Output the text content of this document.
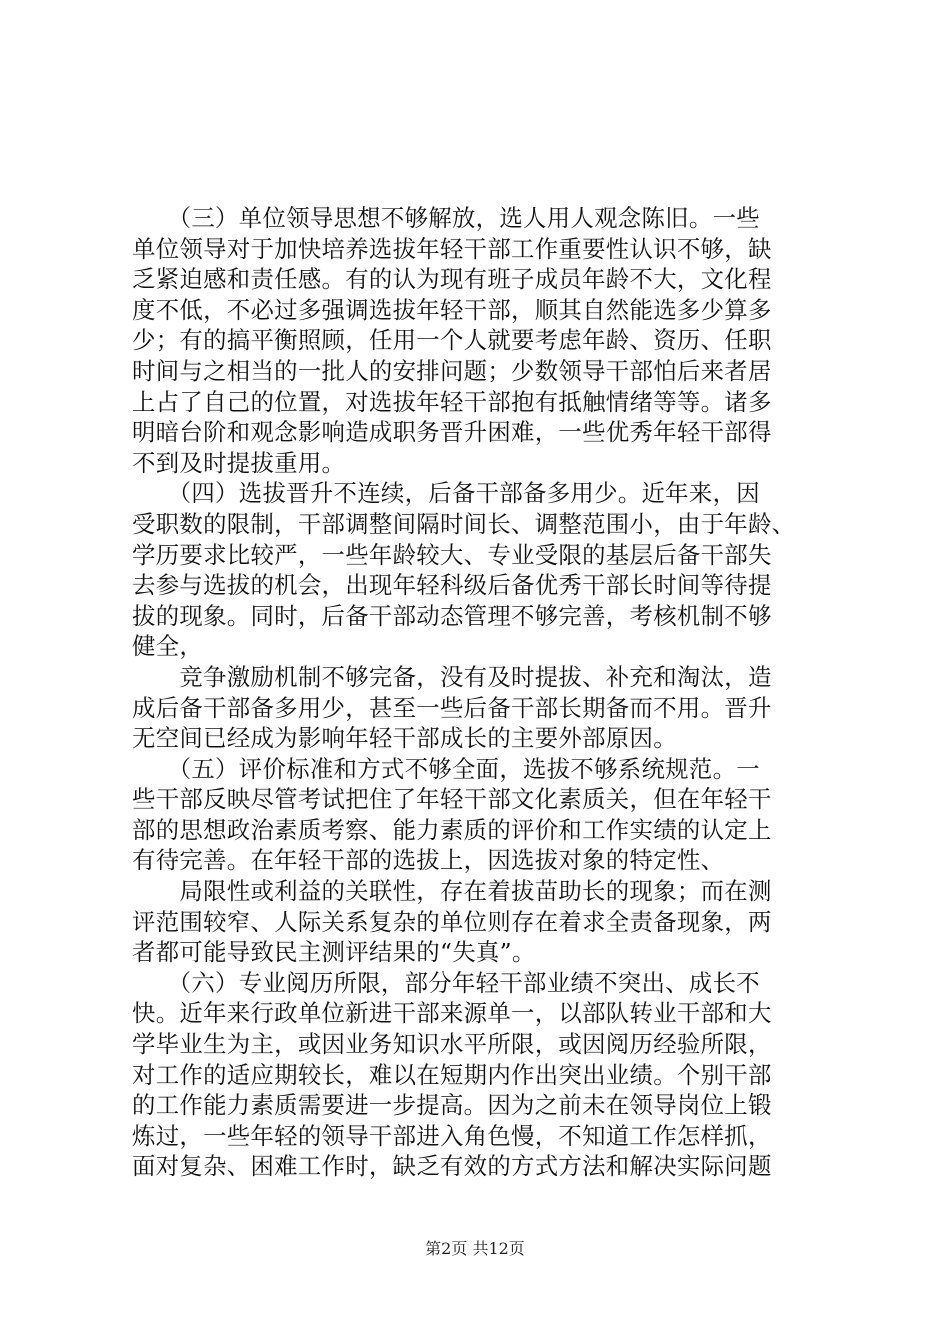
　　（三）单位领导思想不够解放，选人用人观念陈旧。一些
单位领导对于加快培养选拔年轻干部工作重要性认识不够，缺
乏紧迫感和责任感。有的认为现有班子成员年龄不大，文化程
度不低，不必过多强调选拔年轻干部，顺其自然能选多少算多
少；有的搞平衡照顾，任用一个人就要考虑年龄、资历、任职
时间与之相当的一批人的安排问题；少数领导干部怕后来者居
上占了自己的位置，对选拔年轻干部抱有抵触情绪等等。诸多
明暗台阶和观念影响造成职务晋升困难，一些优秀年轻干部得
不到及时提拔重用。
　　（四）选拔晋升不连续，后备干部备多用少。近年来，因
受职数的限制，干部调整间隔时间长、调整范围小，由于年龄、
学历要求比较严，一些年龄较大、专业受限的基层后备干部失
去参与选拔的机会，出现年轻科级后备优秀干部长时间等待提
拔的现象。同时，后备干部动态管理不够完善，考核机制不够
健全，
　　竞争激励机制不够完备，没有及时提拔、补充和淘汰，造
成后备干部备多用少，甚至一些后备干部长期备而不用。晋升
无空间已经成为影响年轻干部成长的主要外部原因。
　　（五）评价标准和方式不够全面，选拔不够系统规范。一
些干部反映尽管考试把住了年轻干部文化素质关，但在年轻干
部的思想政治素质考察、能力素质的评价和工作实绩的认定上
有待完善。在年轻干部的选拔上，因选拔对象的特定性、
　　局限性或利益的关联性，存在着拔苗助长的现象；而在测
评范围较窄、人际关系复杂的单位则存在着求全责备现象，两
者都可能导致民主测评结果的“失真”。
　　（六）专业阅历所限，部分年轻干部业绩不突出、成长不
快。近年来行政单位新进干部来源单一，以部队转业干部和大
学毕业生为主，或因业务知识水平所限，或因阅历经验所限，
对工作的适应期较长，难以在短期内作出突出业绩。个别干部
的工作能力素质需要进一步提高。因为之前未在领导岗位上锻
炼过，一些年轻的领导干部进入角色慢，不知道工作怎样抓，
面对复杂、困难工作时，缺乏有效的方式方法和解决实际问题
第2页 共12页
